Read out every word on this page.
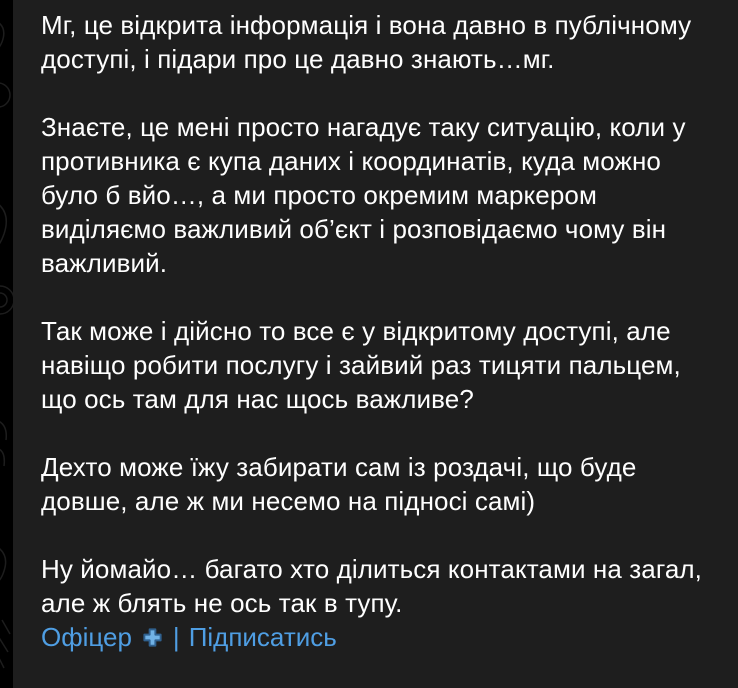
Мг, це відкрита інформація і вона давно в публічному
доступі, і підари про це давно знають…мг.
Знаєте, це мені просто нагадує таку ситуацію, коли у
противника є купа даних і координатів, куда можно
було б вйо…, а ми просто окремим маркером
виділяємо важливий об’єкт і розповідаємо чому він
важливий.
Так може і дійсно то все є у відкритому доступі, але
навіщо робити послугу і зайвий раз тицяти пальцем,
що ось там для нас щось важливе?
Дехто може їжу забирати сам із роздачі, що буде
довше, але ж ми несемо на підносі самі)
Ну йомайо… багато хто ділиться контактами на загал,
але ж блять не ось так в тупу.
Офіцер | Підписатись
